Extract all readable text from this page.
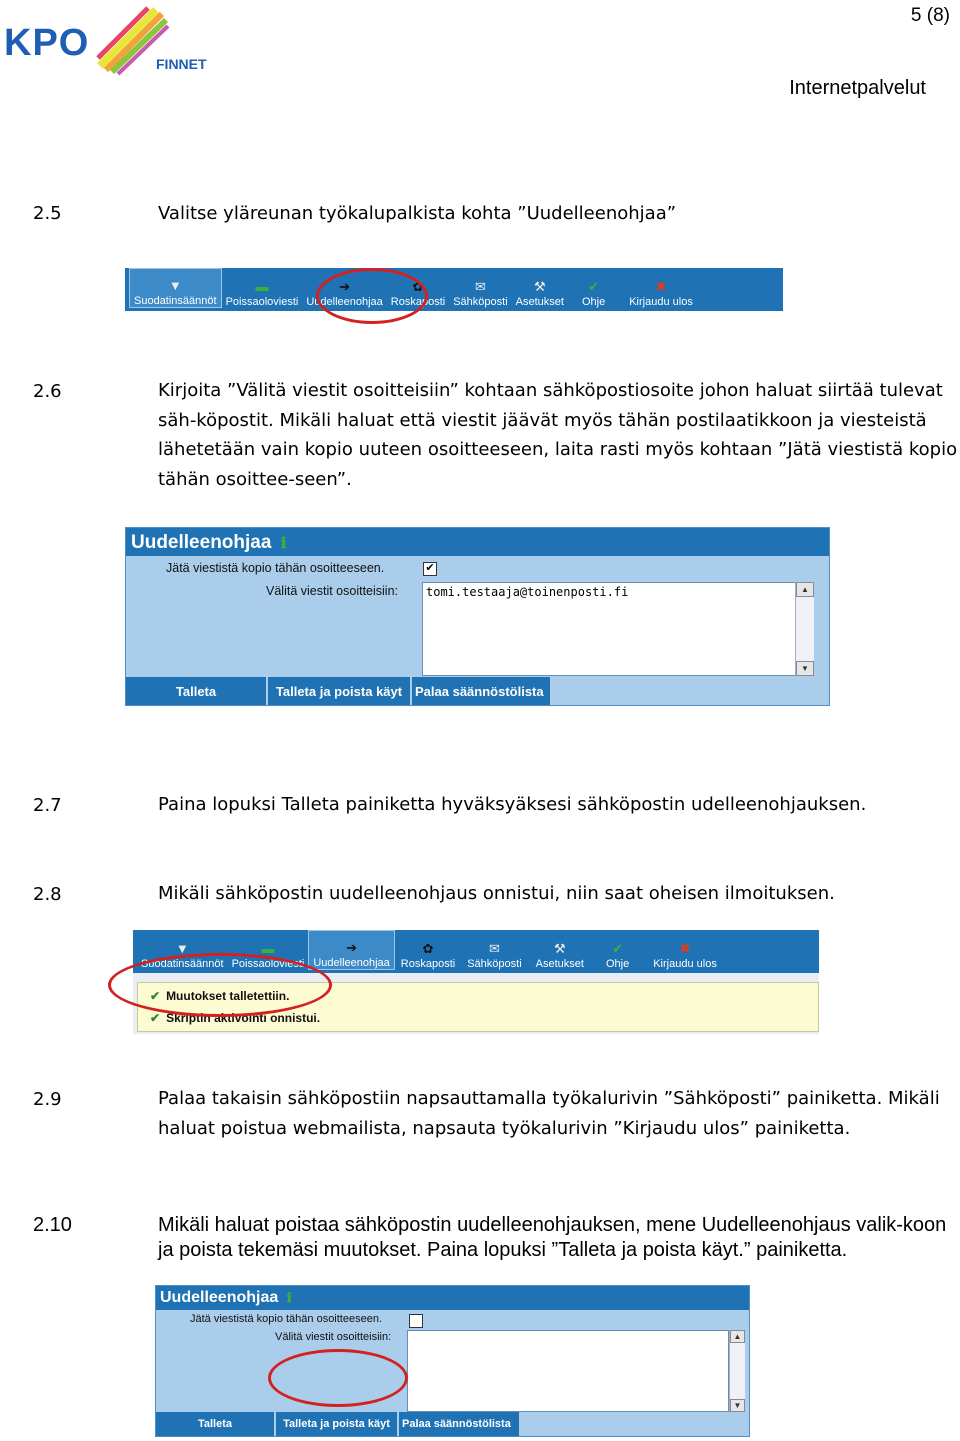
KPO	FINNET
5 (8)
Internetpalvelut
2.5	Valitse yläreunan työkalupalkista kohta ”Uudelleenohjaa”
▼
Suodatinsäännöt
▬
Poissaoloviesti
➔
Uudelleenohjaa
✿
Roskaposti
✉
Sähköposti
⚒
Asetukset
✔
Ohje
✖
Kirjaudu ulos
2.6	Kirjoita ”Välitä viestit osoitteisiin” kohtaan sähköpostiosoite johon haluat siirtää tulevat säh-köpostit. Mikäli haluat että viestit jäävät myös tähän postilaatikkoon ja viesteistä lähetetään vain kopio uuteen osoitteeseen, laita rasti myös kohtaan ”Jätä viestistä kopio tähän osoittee-seen”.
Uudelleenohjaa ℹ
Jätä viestistä kopio tähän osoitteeseen.	✔
Välitä viestit osoitteisiin:	tomi.testaaja@toinenposti.fi	▲
▼
Talleta	Talleta ja poista käyt Palaa säännöstölista
2.7	Paina lopuksi Talleta painiketta hyväksyäksesi sähköpostin udelleenohjauksen.
2.8	Mikäli sähköpostin uudelleenohjaus onnistui, niin saat oheisen ilmoituksen.
▼
Suodatinsäännöt
▬
Poissaoloviesti
➔
Uudelleenohjaa
✿
Roskaposti
✉
Sähköposti
⚒
Asetukset
✔
Ohje
✖
Kirjaudu ulos
✔ Muutokset talletettiin.
✔ Skriptin aktivointi onnistui.
2.9	Palaa takaisin sähköpostiin napsauttamalla työkalurivin ”Sähköposti” painiketta. Mikäli haluat poistua webmailista, napsauta työkalurivin ”Kirjaudu ulos” painiketta.
2.10	Mikäli haluat poistaa sähköpostin uudelleenohjauksen, mene Uudelleenohjaus valik-koon ja poista tekemäsi muutokset. Paina lopuksi ”Talleta ja poista käyt.” painiketta.
Uudelleenohjaa ℹ
Jätä viestistä kopio tähän osoitteeseen.
Välitä viestit osoitteisiin:	▲
▼
Talleta	Talleta ja poista käyt	Palaa säännöstölista
